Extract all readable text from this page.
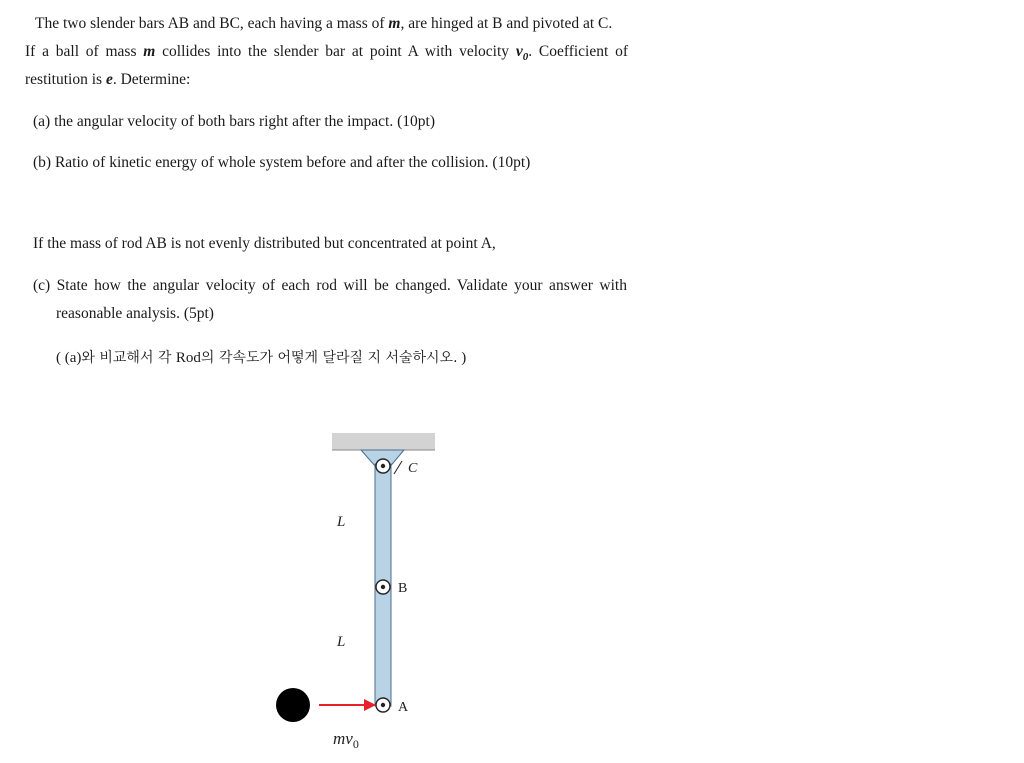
The two slender bars AB and BC, each having a mass of m, are hinged at B and pivoted at C.
If a ball of mass m collides into the slender bar at point A with velocity $v_0$. Coefficient of
restitution is e. Determine:
(a) the angular velocity of both bars right after the impact. (10pt)
(b) Ratio of kinetic energy of whole system before and after the collision. (10pt)
If the mass of rod AB is not evenly distributed but concentrated at point A,
(c) State how the angular velocity of each rod will be changed. Validate your answer with
reasonable analysis. (5pt)
( (a)와 비교해서 각 Rod의 각속도가 어떻게 달라질 지 서술하시오. )
C
B
A
L
L
$mv_0$
